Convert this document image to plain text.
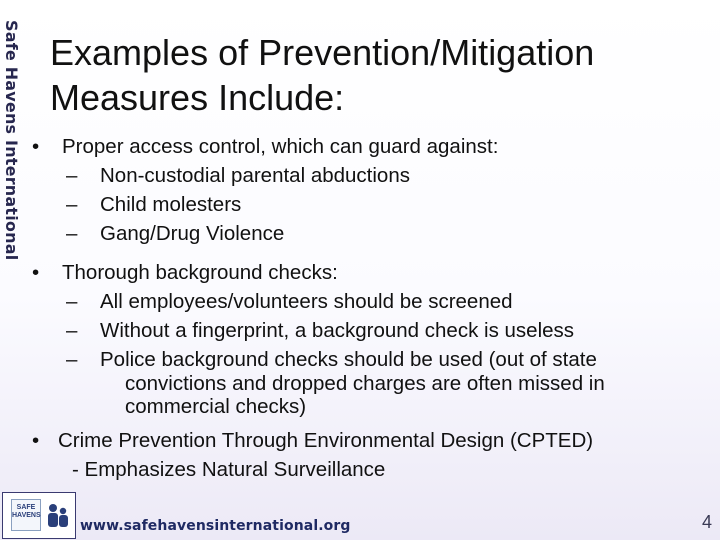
Safe Havens International Examples of Prevention/Mitigation
Measures Include:
• Proper access control, which can guard against:
– Non-custodial parental abductions
– Child molesters
– Gang/Drug Violence
• Thorough background checks:
– All employees/volunteers should be screened
– Without a fingerprint, a background check is useless
– Police background checks should be used (out of state
convictions and dropped charges are often missed in
commercial checks)
• Crime Prevention Through Environmental Design (CPTED)
- Emphasizes Natural Surveillance
SAFE HAVENS
www.safehavensinternational.org	4
